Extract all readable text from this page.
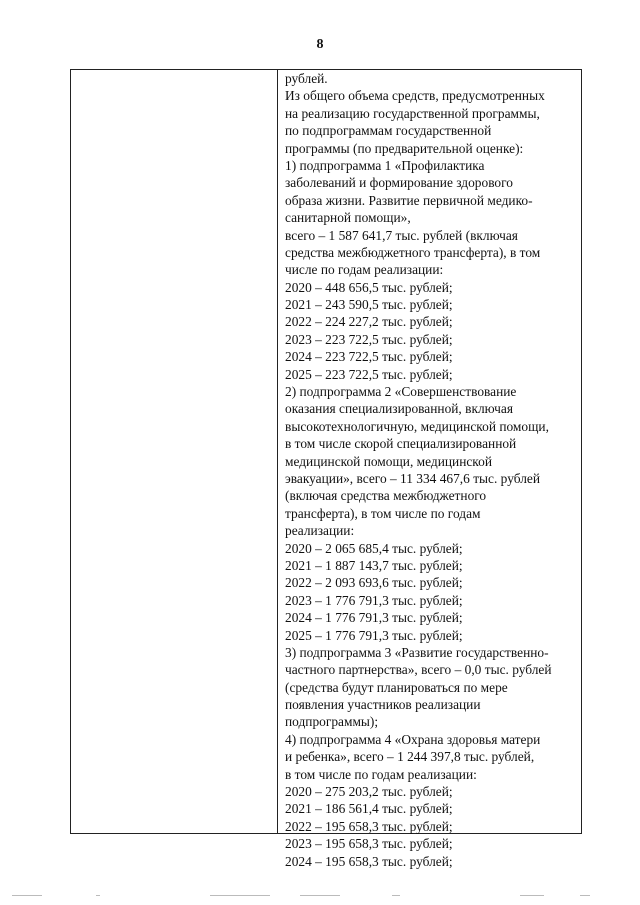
8
рублей.
Из общего объема средств, предусмотренных
на реализацию государственной программы,
по подпрограммам государственной
программы (по предварительной оценке):
1) подпрограмма 1 «Профилактика
заболеваний и формирование здорового
образа жизни. Развитие первичной медико-
санитарной помощи»,
всего – 1 587 641,7 тыс. рублей (включая
средства межбюджетного трансферта), в том
числе по годам реализации:
2020 – 448 656,5 тыс. рублей;
2021 – 243 590,5 тыс. рублей;
2022 – 224 227,2 тыс. рублей;
2023 – 223 722,5 тыс. рублей;
2024 – 223 722,5 тыс. рублей;
2025 – 223 722,5 тыс. рублей;
2) подпрограмма 2 «Совершенствование
оказания специализированной, включая
высокотехнологичную, медицинской помощи,
в том числе скорой специализированной
медицинской помощи, медицинской
эвакуации», всего – 11 334 467,6 тыс. рублей
(включая средства межбюджетного
трансферта), в том числе по годам
реализации:
2020 – 2 065 685,4 тыс. рублей;
2021 – 1 887 143,7 тыс. рублей;
2022 – 2 093 693,6 тыс. рублей;
2023 – 1 776 791,3 тыс. рублей;
2024 – 1 776 791,3 тыс. рублей;
2025 – 1 776 791,3 тыс. рублей;
3) подпрограмма 3 «Развитие государственно-
частного партнерства», всего – 0,0 тыс. рублей
(средства будут планироваться по мере
появления участников реализации
подпрограммы);
4) подпрограмма 4 «Охрана здоровья матери
и ребенка», всего – 1 244 397,8 тыс. рублей,
в том числе по годам реализации:
2020 – 275 203,2 тыс. рублей;
2021 – 186 561,4 тыс. рублей;
2022 – 195 658,3 тыс. рублей;
2023 – 195 658,3 тыс. рублей;
2024 – 195 658,3 тыс. рублей;
